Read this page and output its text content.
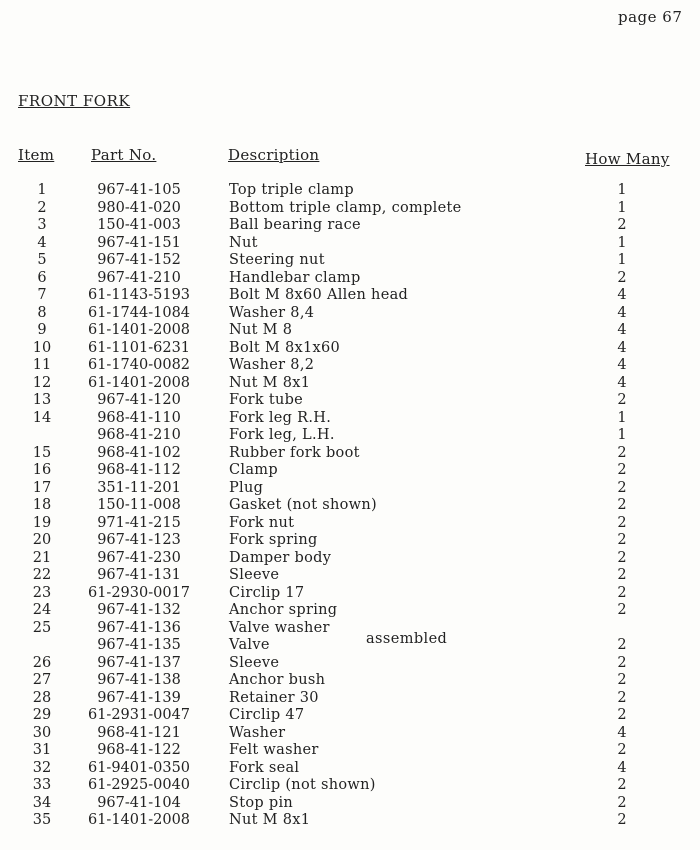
page 67
FRONT FORK
Item Part No.	Description	How Many
1	967-41-105	Top triple clamp	1
2	980-41-020	Bottom triple clamp, complete	1
3	150-41-003	Ball bearing race	2
4	967-41-151	Nut	1
5	967-41-152	Steering nut	1
6	967-41-210	Handlebar clamp	2
7	61-1143-5193	Bolt M 8x60 Allen head	4
8	61-1744-1084	Washer 8,4	4
9	61-1401-2008	Nut M 8	4
10	61-1101-6231	Bolt M 8x1x60	4
11	61-1740-0082	Washer 8,2	4
12	61-1401-2008	Nut M 8x1	4
13	967-41-120	Fork tube	2
14	968-41-110	Fork leg R.H.	1
968-41-210	Fork leg, L.H.	1
15	968-41-102	Rubber fork boot	2
16	968-41-112	Clamp	2
17	351-11-201	Plug	2
18	150-11-008	Gasket (not shown)	2
19	971-41-215	Fork nut	2
20	967-41-123	Fork spring	2
21	967-41-230	Damper body	2
22	967-41-131	Sleeve	2
23	61-2930-0017	Circlip 17	2
24	967-41-132	Anchor spring	2
25	967-41-136	Valve washer
967-41-135	Valve	2
26	967-41-137	Sleeve	2
27	967-41-138	Anchor bush	2
28	967-41-139	Retainer 30	2
29	61-2931-0047	Circlip 47	2
30	968-41-121	Washer	4
31	968-41-122	Felt washer	2
32	61-9401-0350	Fork seal	4
33	61-2925-0040	Circlip (not shown)	2
34	967-41-104	Stop pin	2
35	61-1401-2008	Nut M 8x1	2
assembled
